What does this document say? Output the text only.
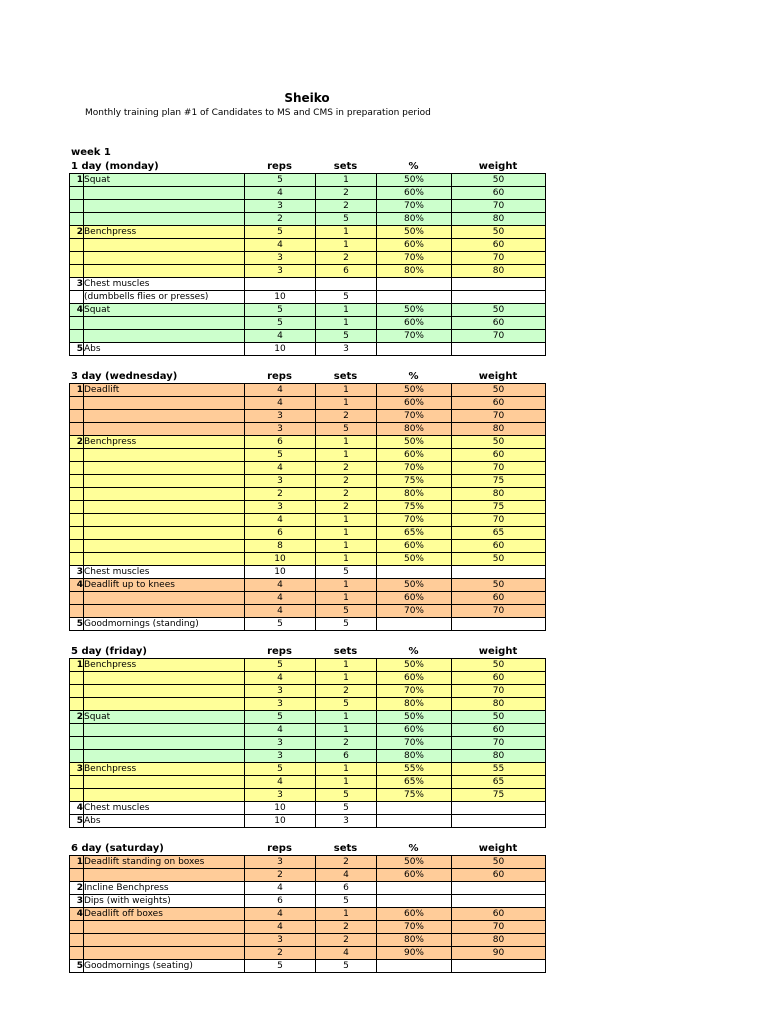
Sheiko
Monthly training plan #1 of Candidates to MS and CMS in preparation period
week 1
1 day (monday)	reps	sets	%	weight
1	Squat	5	1	50%	50
		4	2	60%	60
		3	2	70%	70
		2	5	80%	80
2	Benchpress	5	1	50%	50
		4	1	60%	60
		3	2	70%	70
		3	6	80%	80
3	Chest muscles				
	(dumbbells flies or presses)	10	5		
4	Squat	5	1	50%	50
		5	1	60%	60
		4	5	70%	70
5	Abs	10	3		
3 day (wednesday)	reps	sets	%	weight
1	Deadlift	4	1	50%	50
		4	1	60%	60
		3	2	70%	70
		3	5	80%	80
2	Benchpress	6	1	50%	50
		5	1	60%	60
		4	2	70%	70
		3	2	75%	75
		2	2	80%	80
		3	2	75%	75
		4	1	70%	70
		6	1	65%	65
		8	1	60%	60
		10	1	50%	50
3	Chest muscles	10	5		
4	Deadlift up to knees	4	1	50%	50
		4	1	60%	60
		4	5	70%	70
5	Goodmornings (standing)	5	5		
5 day (friday)	reps	sets	%	weight
1	Benchpress	5	1	50%	50
		4	1	60%	60
		3	2	70%	70
		3	5	80%	80
2	Squat	5	1	50%	50
		4	1	60%	60
		3	2	70%	70
		3	6	80%	80
3	Benchpress	5	1	55%	55
		4	1	65%	65
		3	5	75%	75
4	Chest muscles	10	5		
5	Abs	10	3		
6 day (saturday)	reps	sets	%	weight
1	Deadlift standing on boxes	3	2	50%	50
		2	4	60%	60
2	Incline Benchpress	4	6		
3	Dips (with weights)	6	5		
4	Deadlift off boxes	4	1	60%	60
		4	2	70%	70
		3	2	80%	80
		2	4	90%	90
5	Goodmornings (seating)	5	5		
